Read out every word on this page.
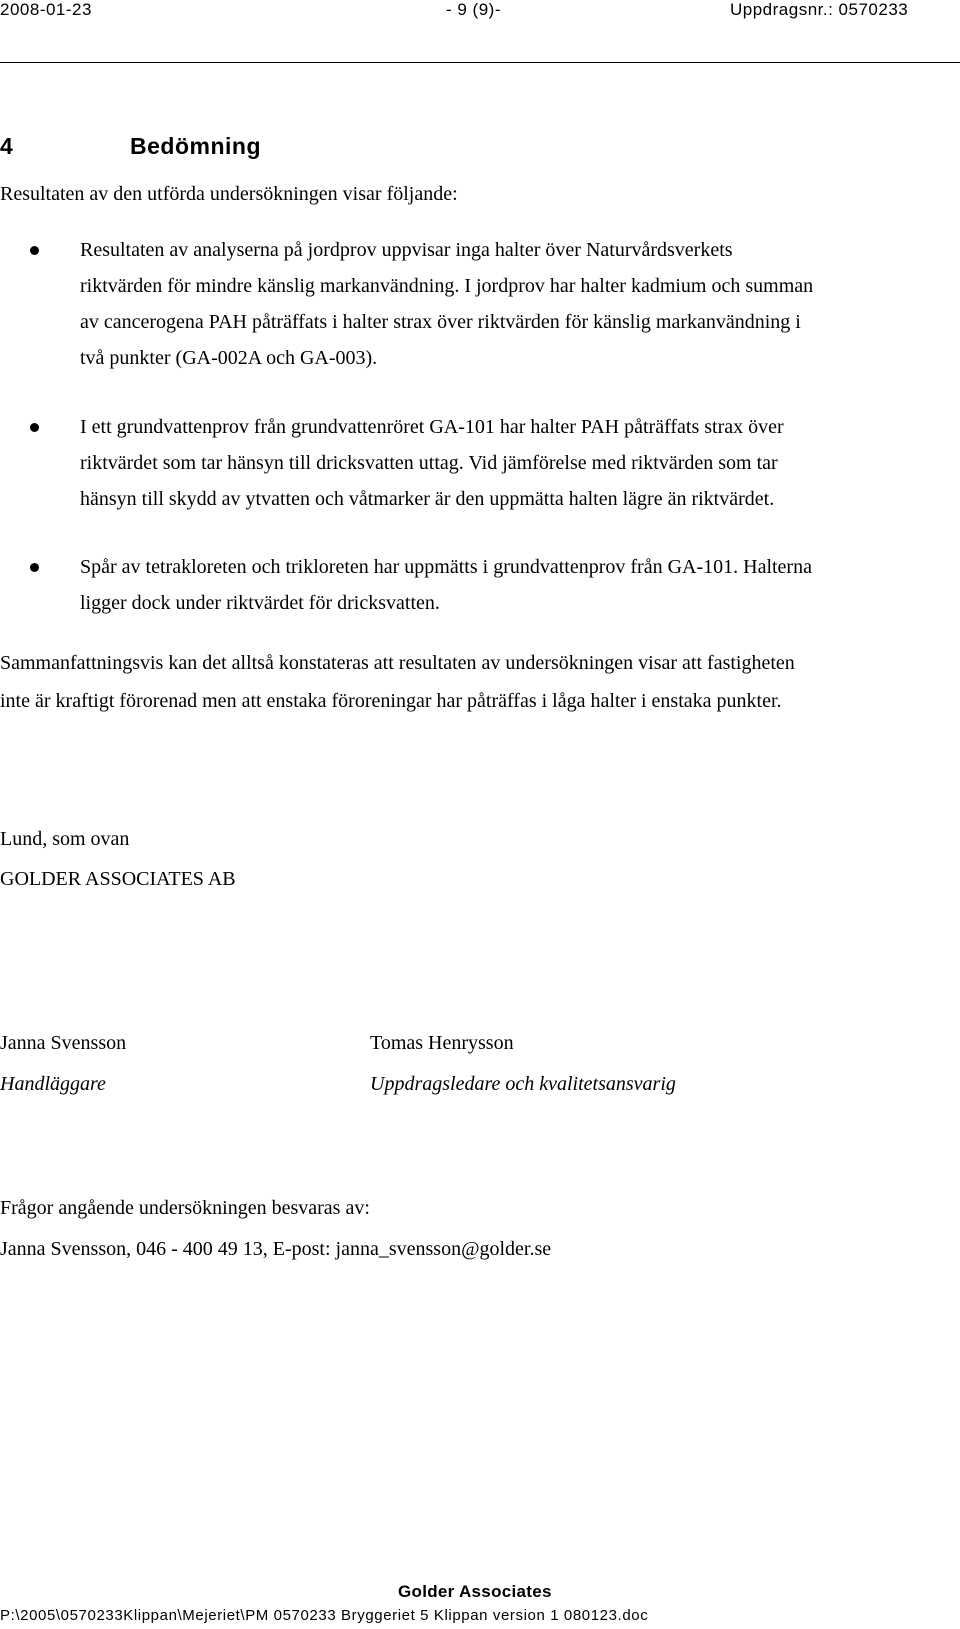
2008-01-23	- 9 (9)-	Uppdragsnr.: 0570233
4	Bedömning
Resultaten av den utförda undersökningen visar följande:
Resultaten av analyserna på jordprov uppvisar inga halter över Naturvårdsverkets
riktvärden för mindre känslig markanvändning. I jordprov har halter kadmium och summan
av cancerogena PAH påträffats i halter strax över riktvärden för känslig markanvändning i
två punkter (GA-002A och GA-003).
I ett grundvattenprov från grundvattenröret GA-101 har halter PAH påträffats strax över
riktvärdet som tar hänsyn till dricksvatten uttag. Vid jämförelse med riktvärden som tar
hänsyn till skydd av ytvatten och våtmarker är den uppmätta halten lägre än riktvärdet.
Spår av tetrakloreten och trikloreten har uppmätts i grundvattenprov från GA-101. Halterna
ligger dock under riktvärdet för dricksvatten.
Sammanfattningsvis kan det alltså konstateras att resultaten av undersökningen visar att fastigheten
inte är kraftigt förorenad men att enstaka föroreningar har påträffas i låga halter i enstaka punkter.
Lund, som ovan
GOLDER ASSOCIATES AB
Janna Svensson
Handläggare
Tomas Henrysson
Uppdragsledare och kvalitetsansvarig
Frågor angående undersökningen besvaras av:
Janna Svensson, 046 - 400 49 13, E-post: janna_svensson@golder.se
Golder Associates
P:\2005\0570233Klippan\Mejeriet\PM 0570233 Bryggeriet 5 Klippan version 1 080123.doc
